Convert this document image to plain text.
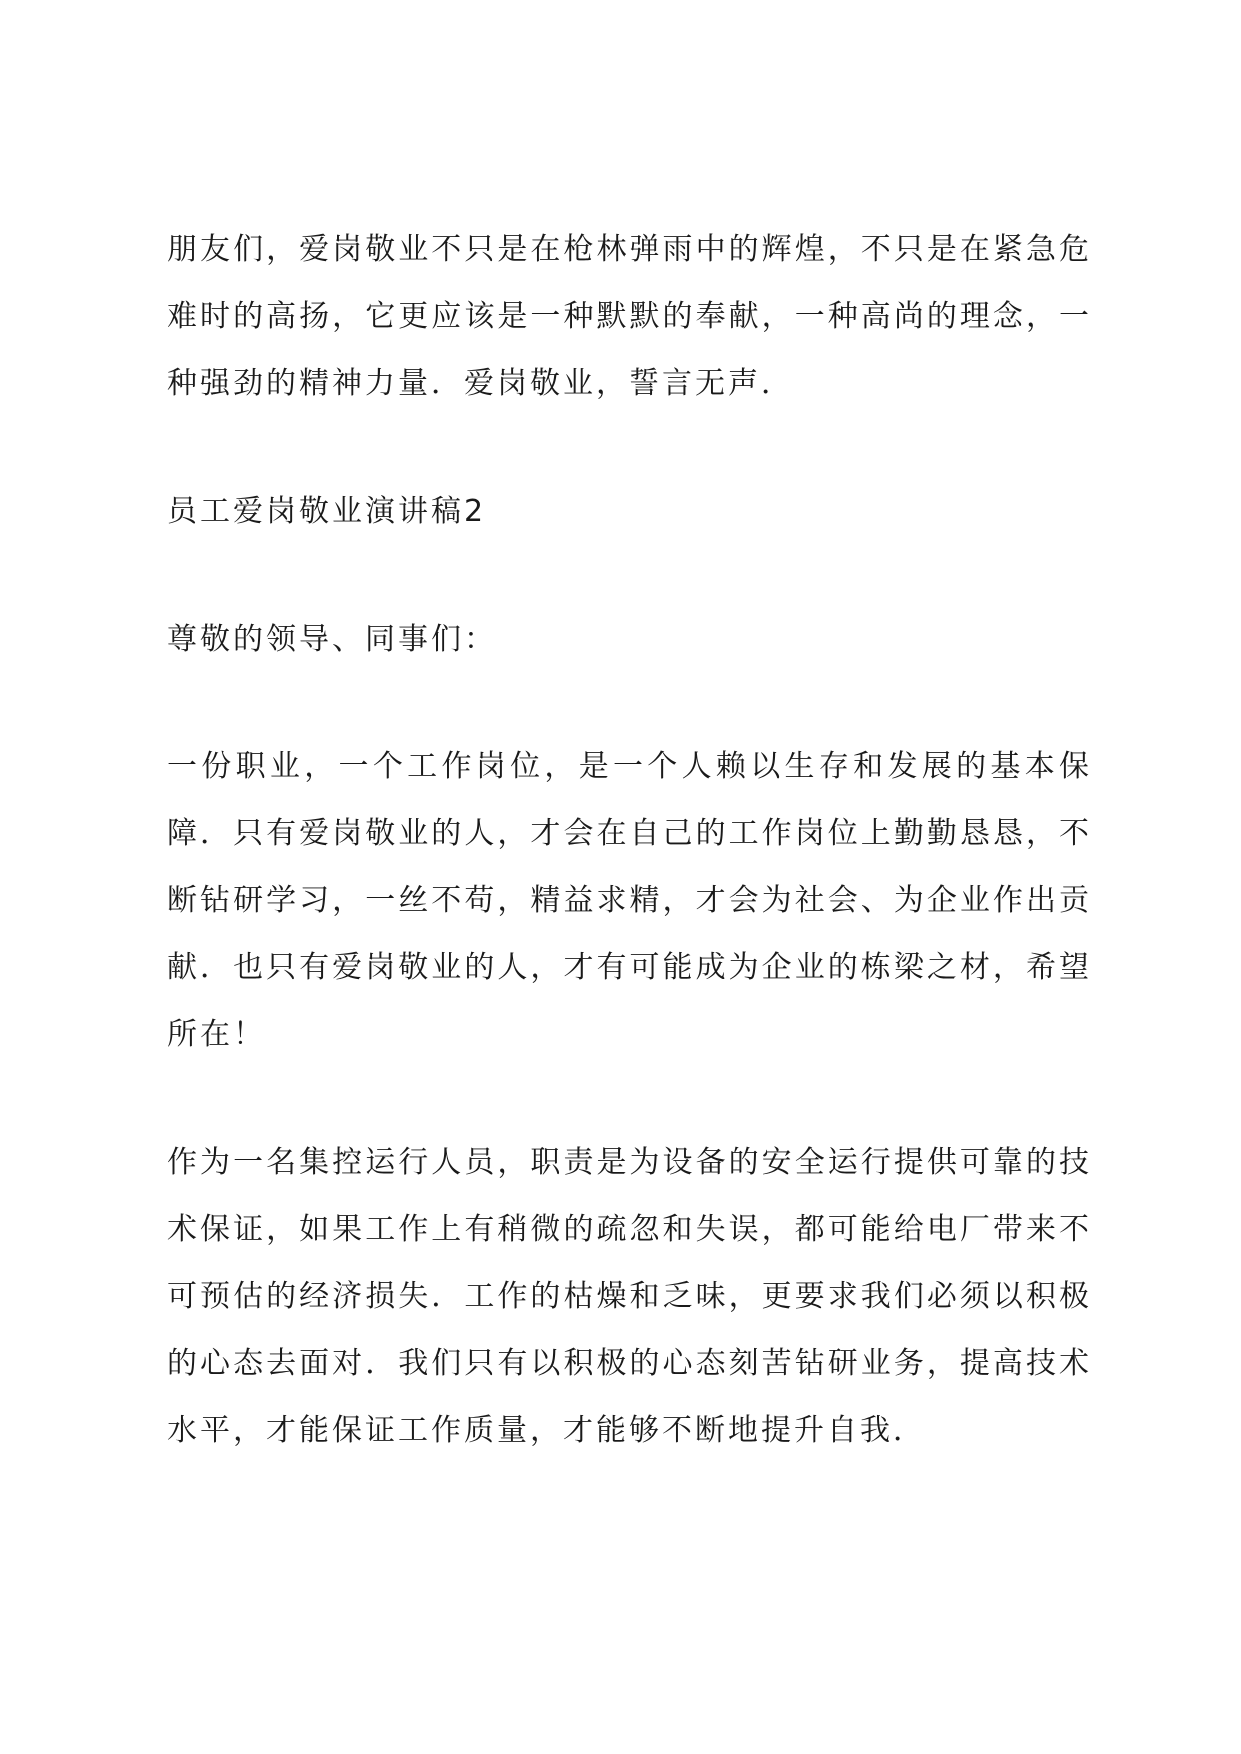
朋友们，爱岗敬业不只是在枪林弹雨中的辉煌，不只是在紧急危难时的高扬，它更应该是一种默默的奉献，一种高尚的理念，一种强劲的精神力量．爱岗敬业，誓言无声．

员工爱岗敬业演讲稿2

尊敬的领导、同事们：

一份职业，一个工作岗位，是一个人赖以生存和发展的基本保障．只有爱岗敬业的人，才会在自己的工作岗位上勤勤恳恳，不断钻研学习，一丝不苟，精益求精，才会为社会、为企业作出贡献．也只有爱岗敬业的人，才有可能成为企业的栋梁之材，希望所在！

作为一名集控运行人员，职责是为设备的安全运行提供可靠的技术保证，如果工作上有稍微的疏忽和失误，都可能给电厂带来不可预估的经济损失．工作的枯燥和乏味，更要求我们必须以积极的心态去面对．我们只有以积极的心态刻苦钻研业务，提高技术水平，才能保证工作质量，才能够不断地提升自我．
